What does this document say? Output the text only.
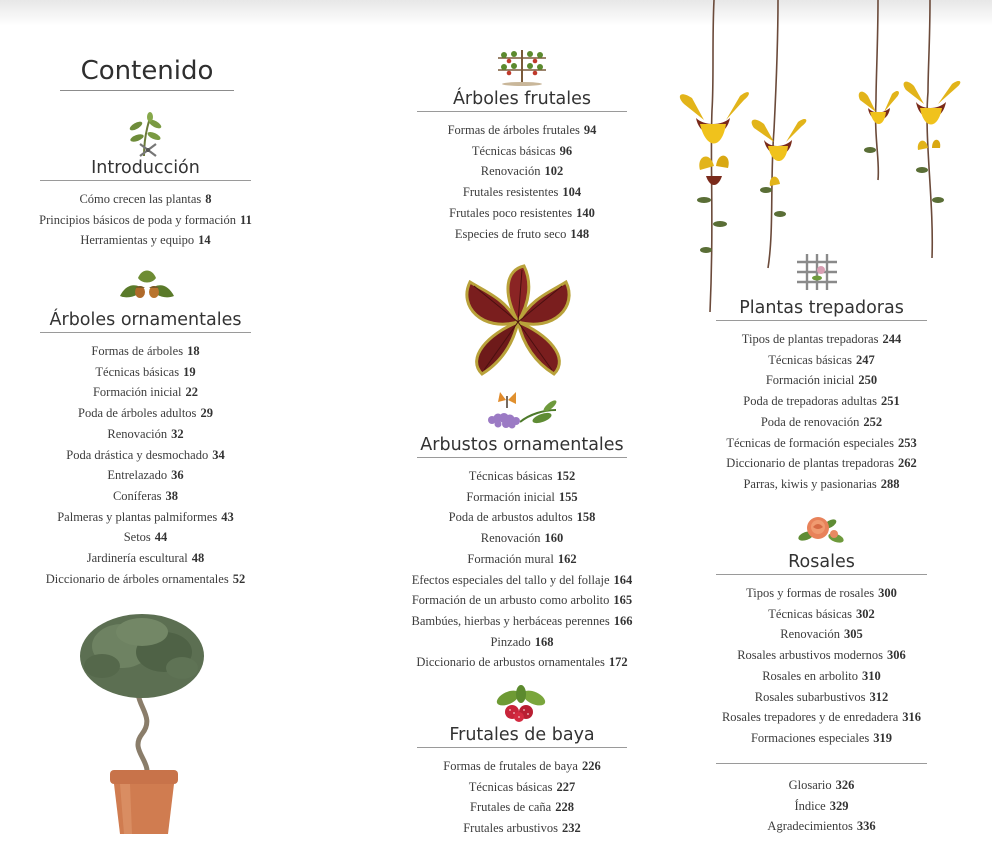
Contenido
Introducción
Cómo crecen las plantas 8
Principios básicos de poda y formación 11
Herramientas y equipo 14
Árboles ornamentales
Formas de árboles 18
Técnicas básicas 19
Formación inicial 22
Poda de árboles adultos 29
Renovación 32
Poda drástica y desmochado 34
Entrelazado 36
Coníferas 38
Palmeras y plantas palmiformes 43
Setos 44
Jardinería escultural 48
Diccionario de árboles ornamentales 52
Árboles frutales
Formas de árboles frutales 94
Técnicas básicas 96
Renovación 102
Frutales resistentes 104
Frutales poco resistentes 140
Especies de fruto seco 148
Arbustos ornamentales
Técnicas básicas 152
Formación inicial 155
Poda de arbustos adultos 158
Renovación 160
Formación mural 162
Efectos especiales del tallo y del follaje 164
Formación de un arbusto como arbolito 165
Bambúes, hierbas y herbáceas perennes 166
Pinzado 168
Diccionario de arbustos ornamentales 172
Frutales de baya
Formas de frutales de baya 226
Técnicas básicas 227
Frutales de caña 228
Frutales arbustivos 232
Plantas trepadoras
Tipos de plantas trepadoras 244
Técnicas básicas 247
Formación inicial 250
Poda de trepadoras adultas 251
Poda de renovación 252
Técnicas de formación especiales 253
Diccionario de plantas trepadoras 262
Parras, kiwis y pasionarias 288
Rosales
Tipos y formas de rosales 300
Técnicas básicas 302
Renovación 305
Rosales arbustivos modernos 306
Rosales en arbolito 310
Rosales subarbustivos 312
Rosales trepadores y de enredadera 316
Formaciones especiales 319
Glosario 326
Índice 329
Agradecimientos 336
